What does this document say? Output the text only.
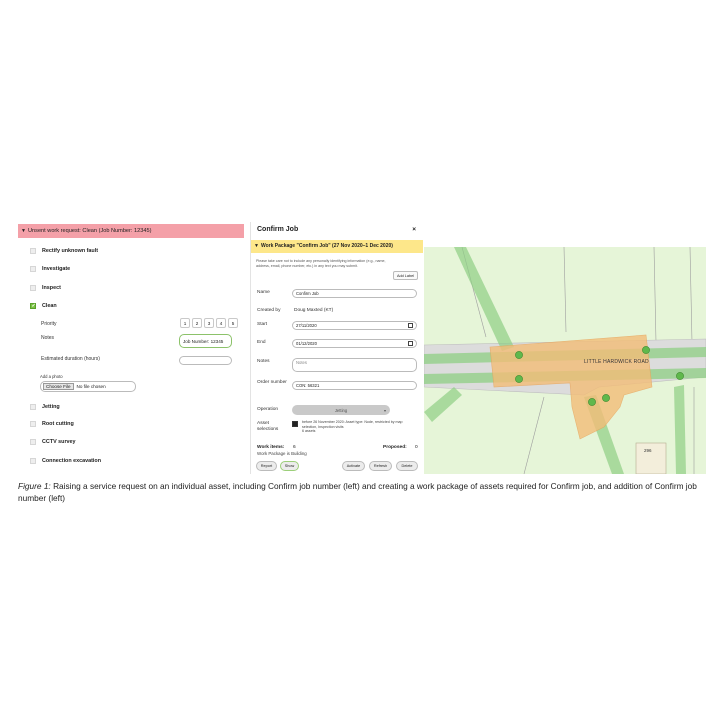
▼ Unsent work request: Clean (Job Number: 12345)
Rectify unknown fault
Investigate
Inspect
✓
Clean
Priority	1	2	3	4	5
Notes	Job Number: 12345
Estimated duration (hours)
Add a photo
Choose File	No file chosen
Jetting
Root cutting
CCTV survey
Connection excavation
Confirm Job	×
▼ Work Package "Confirm Job" (27 Nov 2020–1 Dec 2020)
Please take care not to include any personally identifying information (e.g., name, address, email, phone number, etc.) in any text you may submit.
Add Label
Name	Confirm Job
Created by	Doug Maxted (KT)
Start	27/11/2020
End	01/12/2020
Notes	Notes
Order number
CON: 56321
Operation	Jetting	▾
Asset selections
before 26 November 2020: Asset type: Node, restricted by map selection, Inspection visits
6 assets
Work items: 6	Proposed: 0
Work Package is Building
Report	Show	Activate	Refresh	Delete
LITTLE HARDWICK ROAD
296
Figure 1: Raising a service request on an individual asset, including Confirm job number (left) and creating a work package of assets required for Confirm job, and addition of Confirm job number (left)
